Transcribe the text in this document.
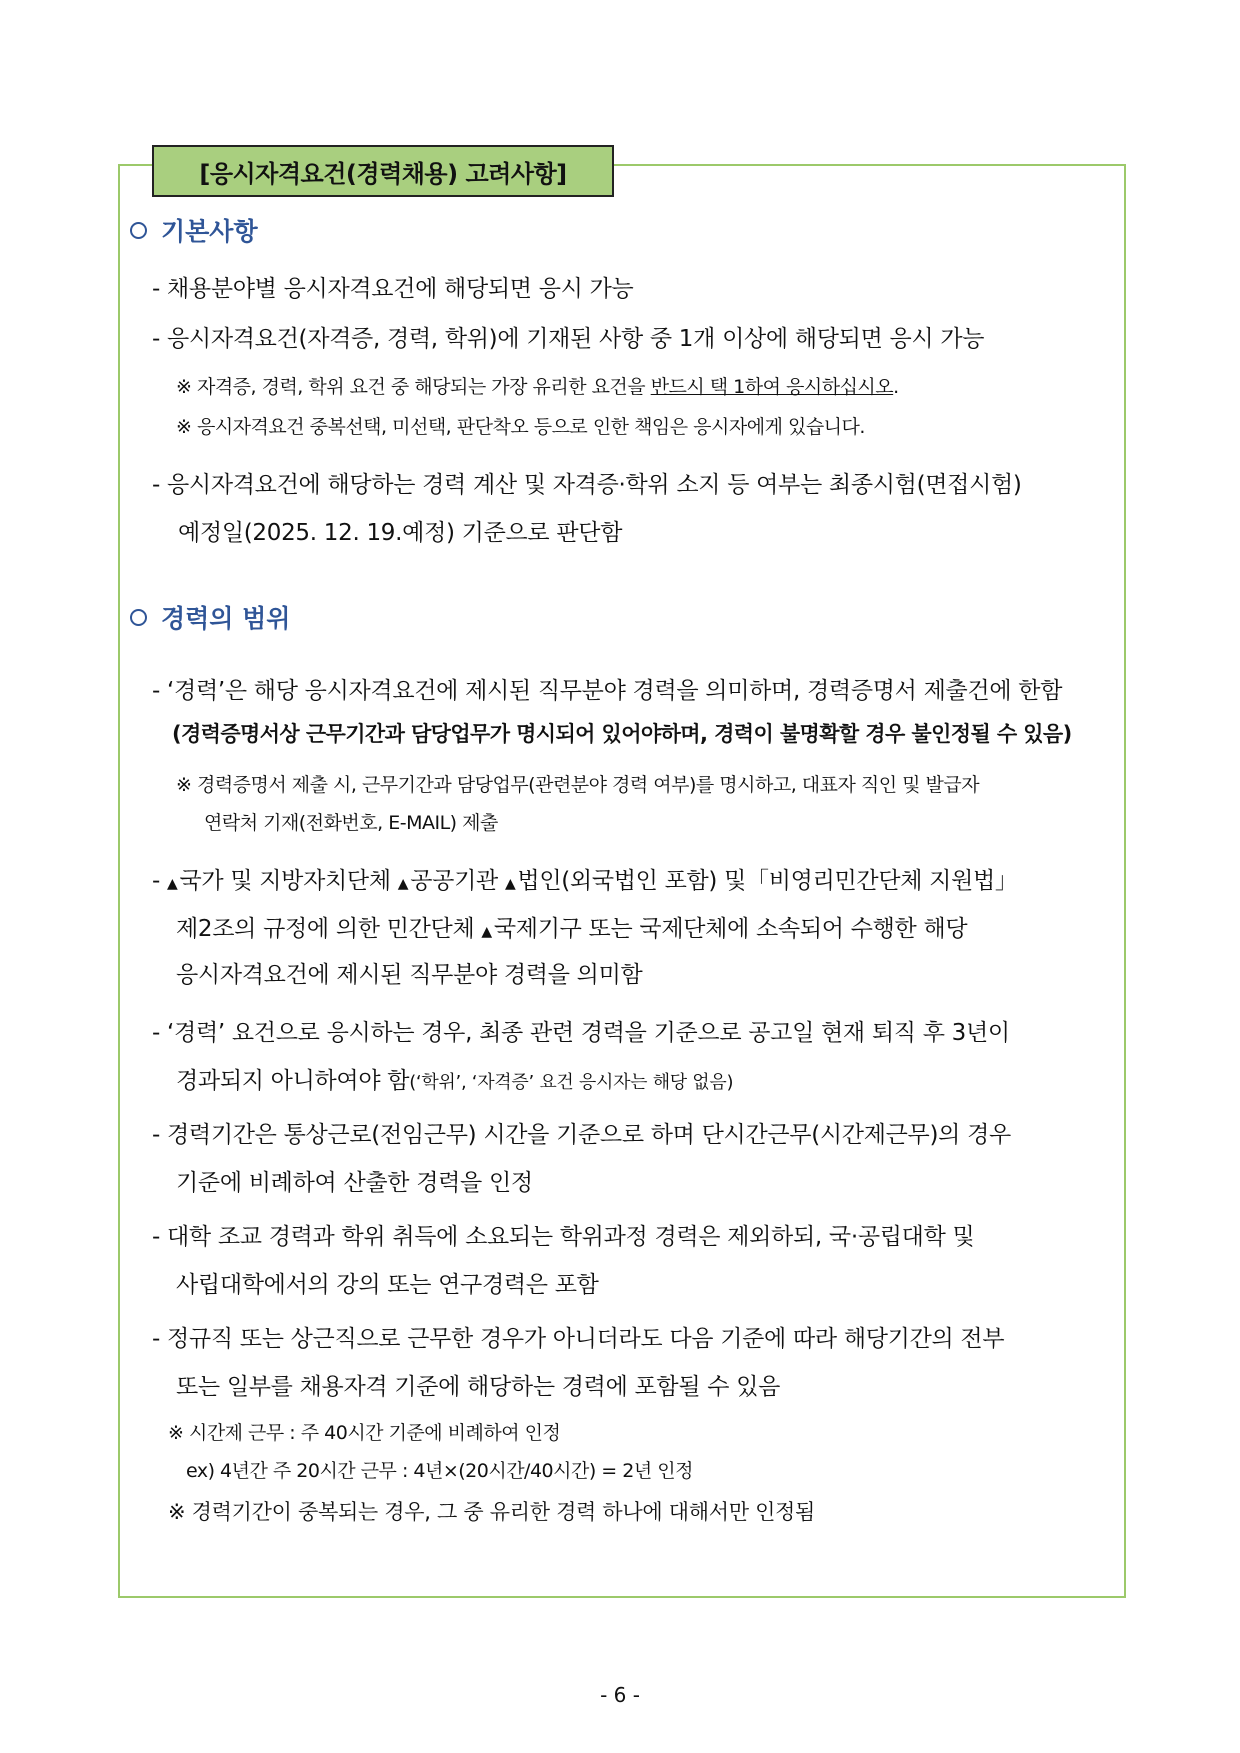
[응시자격요건(경력채용) 고려사항]
기본사항
- 채용분야별 응시자격요건에 해당되면 응시 가능
- 응시자격요건(자격증, 경력, 학위)에 기재된 사항 중 1개 이상에 해당되면 응시 가능
※ 자격증, 경력, 학위 요건 중 해당되는 가장 유리한 요건을 반드시 택 1하여 응시하십시오.
※ 응시자격요건 중복선택, 미선택, 판단착오 등으로 인한 책임은 응시자에게 있습니다.
- 응시자격요건에 해당하는 경력 계산 및 자격증·학위 소지 등 여부는 최종시험(면접시험)
예정일(2025. 12. 19.예정) 기준으로 판단함
경력의 범위
- ‘경력’은 해당 응시자격요건에 제시된 직무분야 경력을 의미하며, 경력증명서 제출건에 한함
(경력증명서상 근무기간과 담당업무가 명시되어 있어야하며, 경력이 불명확할 경우 불인정될 수 있음)
※ 경력증명서 제출 시, 근무기간과 담당업무(관련분야 경력 여부)를 명시하고, 대표자 직인 및 발급자
연락처 기재(전화번호, E-MAIL) 제출
- ▲국가 및 지방자치단체 ▲공공기관 ▲법인(외국법인 포함) 및「비영리민간단체 지원법」
제2조의 규정에 의한 민간단체 ▲국제기구 또는 국제단체에 소속되어 수행한 해당
응시자격요건에 제시된 직무분야 경력을 의미함
- ‘경력’ 요건으로 응시하는 경우, 최종 관련 경력을 기준으로 공고일 현재 퇴직 후 3년이
경과되지 아니하여야 함(‘학위’, ‘자격증’ 요건 응시자는 해당 없음)
- 경력기간은 통상근로(전임근무) 시간을 기준으로 하며 단시간근무(시간제근무)의 경우
기준에 비례하여 산출한 경력을 인정
- 대학 조교 경력과 학위 취득에 소요되는 학위과정 경력은 제외하되, 국·공립대학 및
사립대학에서의 강의 또는 연구경력은 포함
- 정규직 또는 상근직으로 근무한 경우가 아니더라도 다음 기준에 따라 해당기간의 전부
또는 일부를 채용자격 기준에 해당하는 경력에 포함될 수 있음
※ 시간제 근무 : 주 40시간 기준에 비례하여 인정
ex) 4년간 주 20시간 근무 : 4년×(20시간/40시간) = 2년 인정
※ 경력기간이 중복되는 경우, 그 중 유리한 경력 하나에 대해서만 인정됨
- 6 -
